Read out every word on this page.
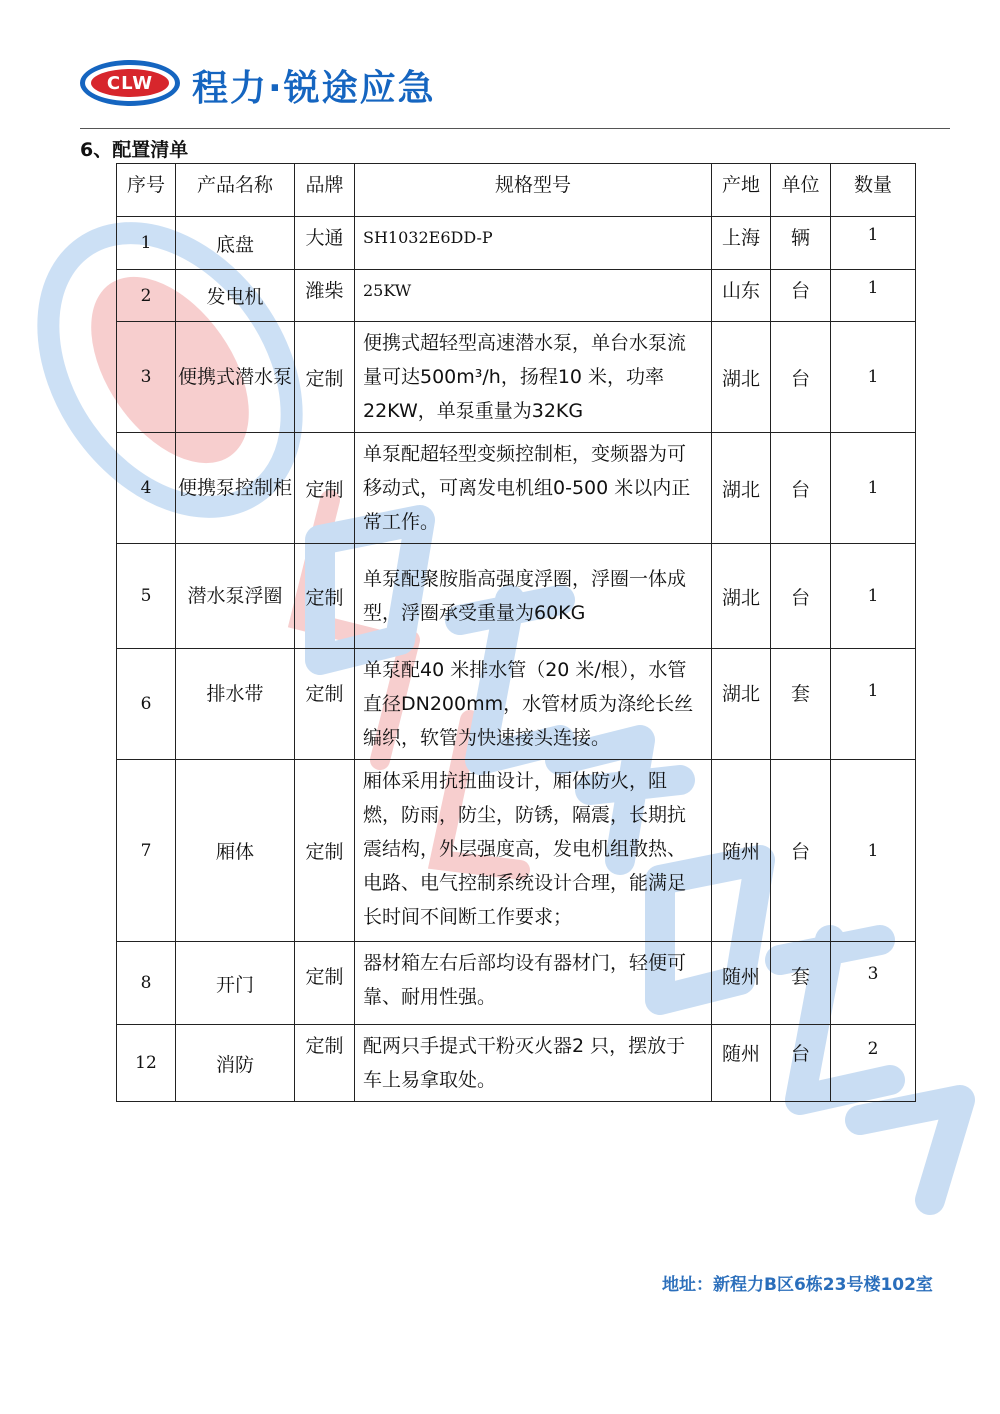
CLW	程力·锐途应急
6、配置清单
序号	产品名称	品牌	规格型号	产地	单位	数量
1	底盘	大通	SH1032E6DD-P	上海	辆	1
2	发电机	潍柴	25KW	山东	台	1
3	便携式潜水泵	定制	便携式超轻型高速潜水泵，单台水泵流量可达500m³/h，扬程10 米，功率22KW，单泵重量为32KG	湖北	台	1
4	便携泵控制柜	定制	单泵配超轻型变频控制柜，变频器为可移动式，可离发电机组0-500 米以内正常工作。	湖北	台	1
5	潜水泵浮圈	定制	单泵配聚胺脂高强度浮圈，浮圈一体成型，浮圈承受重量为60KG	湖北	台	1
6	排水带	定制	单泵配40 米排水管（20 米/根），水管直径DN200mm，水管材质为涤纶长丝编织，软管为快速接头连接。	湖北	套	1
7	厢体	定制	厢体采用抗扭曲设计，厢体防火，阻燃，防雨，防尘，防锈，隔震，长期抗震结构，外层强度高，发电机组散热、电路、电气控制系统设计合理，能满足长时间不间断工作要求；	随州	台	1
8	开门	定制	器材箱左右后部均设有器材门，轻便可靠、耐用性强。	随州	套	3
12	消防	定制	配两只手提式干粉灭火器2 只，摆放于车上易拿取处。	随州	台	2
地址：新程力B区6栋23号楼102室
